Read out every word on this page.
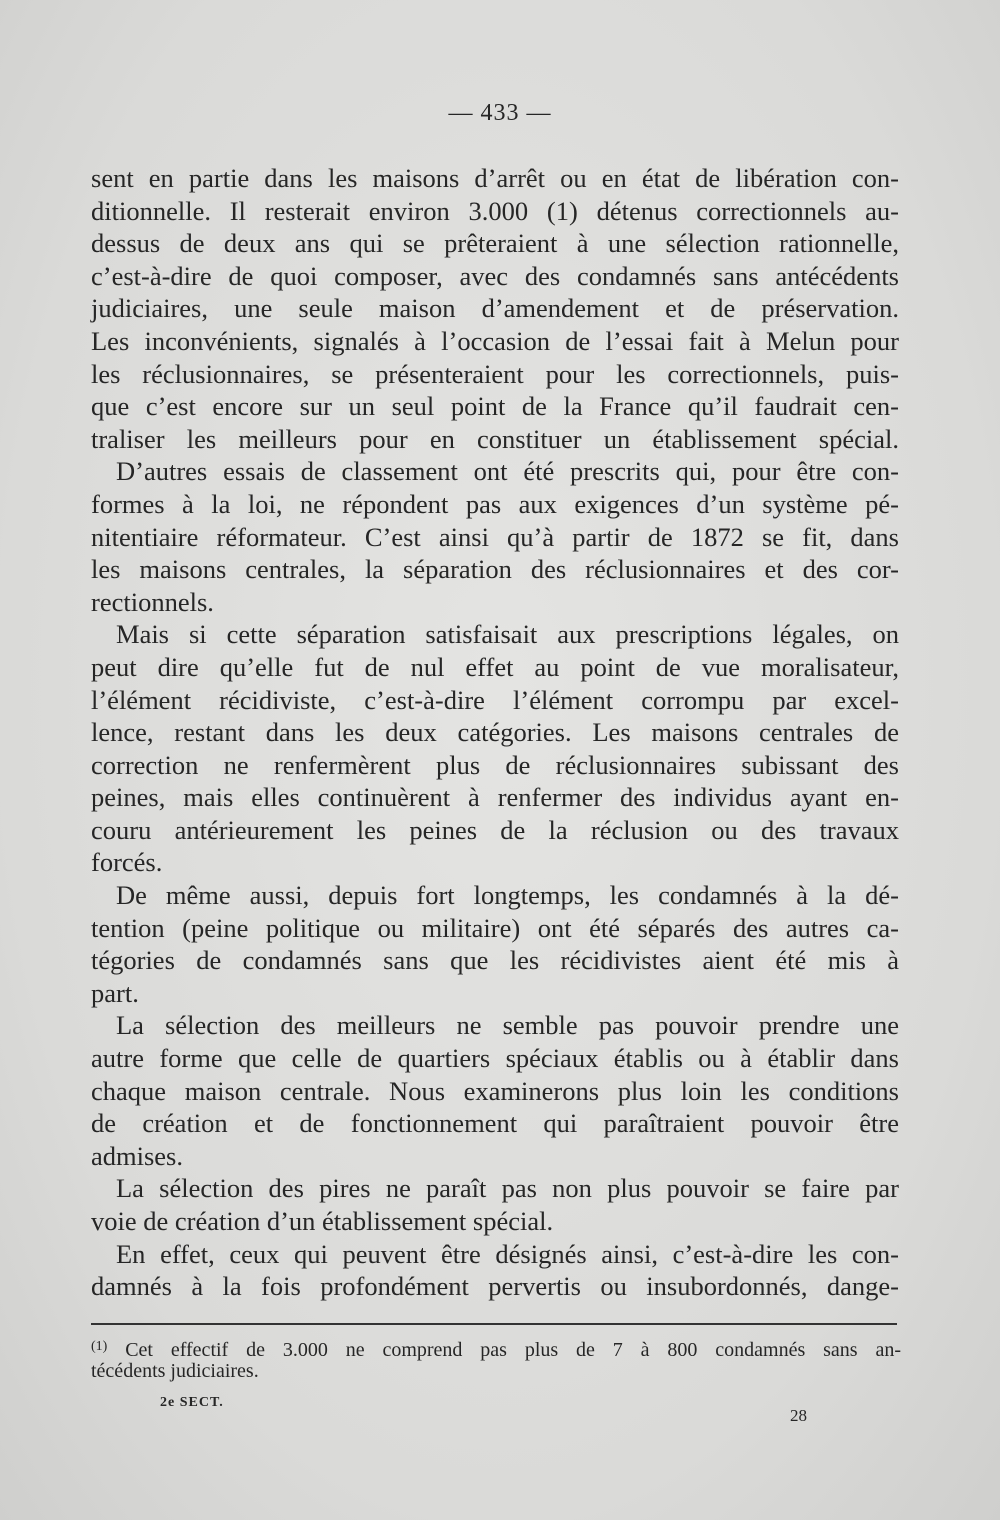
— 433 —
sent en partie dans les maisons d’arrêt ou en état de libération con-
ditionnelle. Il resterait environ 3.000 (1) détenus correctionnels au-
dessus de deux ans qui se prêteraient à une sélection rationnelle,
c’est-à-dire de quoi composer, avec des condamnés sans antécédents
judiciaires, une seule maison d’amendement et de préservation.
Les inconvénients, signalés à l’occasion de l’essai fait à Melun pour
les réclusionnaires, se présenteraient pour les correctionnels, puis-
que c’est encore sur un seul point de la France qu’il faudrait cen-
traliser les meilleurs pour en constituer un établissement spécial.
D’autres essais de classement ont été prescrits qui, pour être con-
formes à la loi, ne répondent pas aux exigences d’un système pé-
nitentiaire réformateur. C’est ainsi qu’à partir de 1872 se fit, dans
les maisons centrales, la séparation des réclusionnaires et des cor-
rectionnels.
Mais si cette séparation satisfaisait aux prescriptions légales, on
peut dire qu’elle fut de nul effet au point de vue moralisateur,
l’élément récidiviste, c’est-à-dire l’élément corrompu par excel-
lence, restant dans les deux catégories. Les maisons centrales de
correction ne renfermèrent plus de réclusionnaires subissant des
peines, mais elles continuèrent à renfermer des individus ayant en-
couru antérieurement les peines de la réclusion ou des travaux
forcés.
De même aussi, depuis fort longtemps, les condamnés à la dé-
tention (peine politique ou militaire) ont été séparés des autres ca-
tégories de condamnés sans que les récidivistes aient été mis à
part.
La sélection des meilleurs ne semble pas pouvoir prendre une
autre forme que celle de quartiers spéciaux établis ou à établir dans
chaque maison centrale. Nous examinerons plus loin les conditions
de création et de fonctionnement qui paraîtraient pouvoir être
admises.
La sélection des pires ne paraît pas non plus pouvoir se faire par
voie de création d’un établissement spécial.
En effet, ceux qui peuvent être désignés ainsi, c’est-à-dire les con-
damnés à la fois profondément pervertis ou insubordonnés, dange-
$^{(1)}$ Cet effectif de 3.000 ne comprend pas plus de 7 à 800 condamnés sans an-
técédents judiciaires.
2e SECT.
28
